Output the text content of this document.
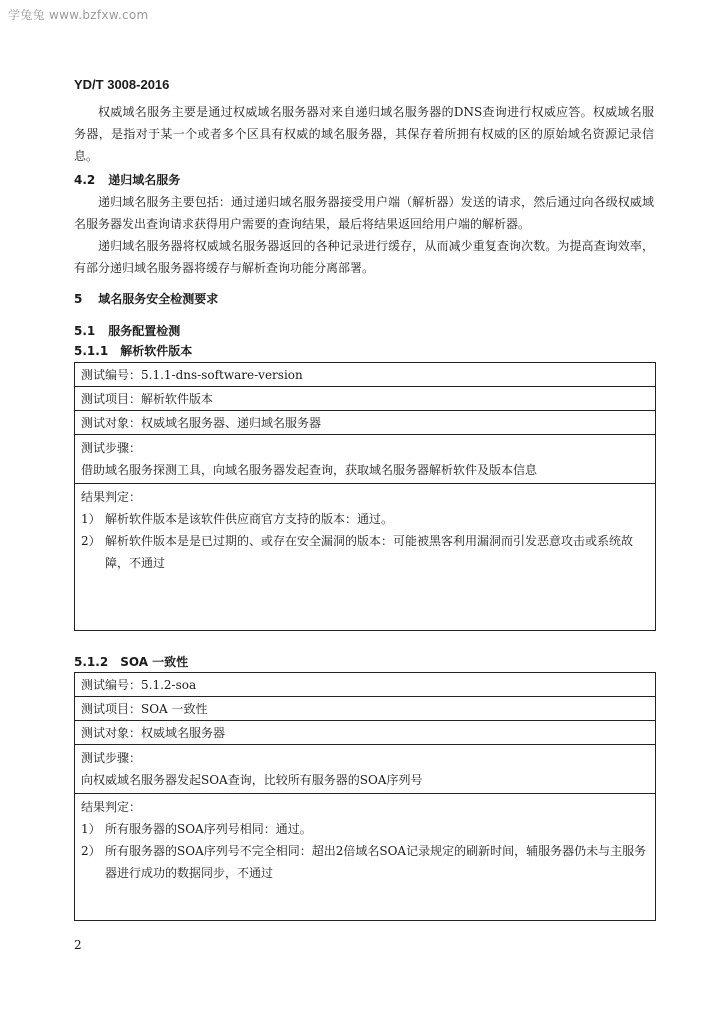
学兔兔 www.bzfxw.com
YD/T 3008-2016
权威域名服务主要是通过权威域名服务器对来自递归域名服务器的DNS查询进行权威应答。权威域名服务器，是指对于某一个或者多个区具有权威的域名服务器，其保存着所拥有权威的区的原始域名资源记录信息。
4.2 递归域名服务
递归域名服务主要包括：通过递归域名服务器接受用户端（解析器）发送的请求，然后通过向各级权威域名服务器发出查询请求获得用户需要的查询结果，最后将结果返回给用户端的解析器。
递归域名服务器将权威域名服务器返回的各种记录进行缓存，从而减少重复查询次数。为提高查询效率，有部分递归域名服务器将缓存与解析查询功能分离部署。
5 域名服务安全检测要求
5.1 服务配置检测
5.1.1 解析软件版本
测试编号：5.1.1-dns-software-version
测试项目：解析软件版本
测试对象：权威域名服务器、递归域名服务器

测试步骤：
借助域名服务探测工具，向域名服务器发起查询，获取域名服务器解析软件及版本信息

结果判定：
1） 解析软件版本是该软件供应商官方支持的版本：通过。
2） 解析软件版本是是已过期的、或存在安全漏洞的版本：可能被黑客利用漏洞而引发恶意攻击或系统故障，不通过
5.1.2 SOA 一致性
测试编号：5.1.2-soa
测试项目：SOA 一致性
测试对象：权威域名服务器

测试步骤：
向权威域名服务器发起SOA查询，比较所有服务器的SOA序列号

结果判定：
1） 所有服务器的SOA序列号相同：通过。
2） 所有服务器的SOA序列号不完全相同：超出2倍域名SOA记录规定的刷新时间，辅服务器仍未与主服务器进行成功的数据同步，不通过
2
